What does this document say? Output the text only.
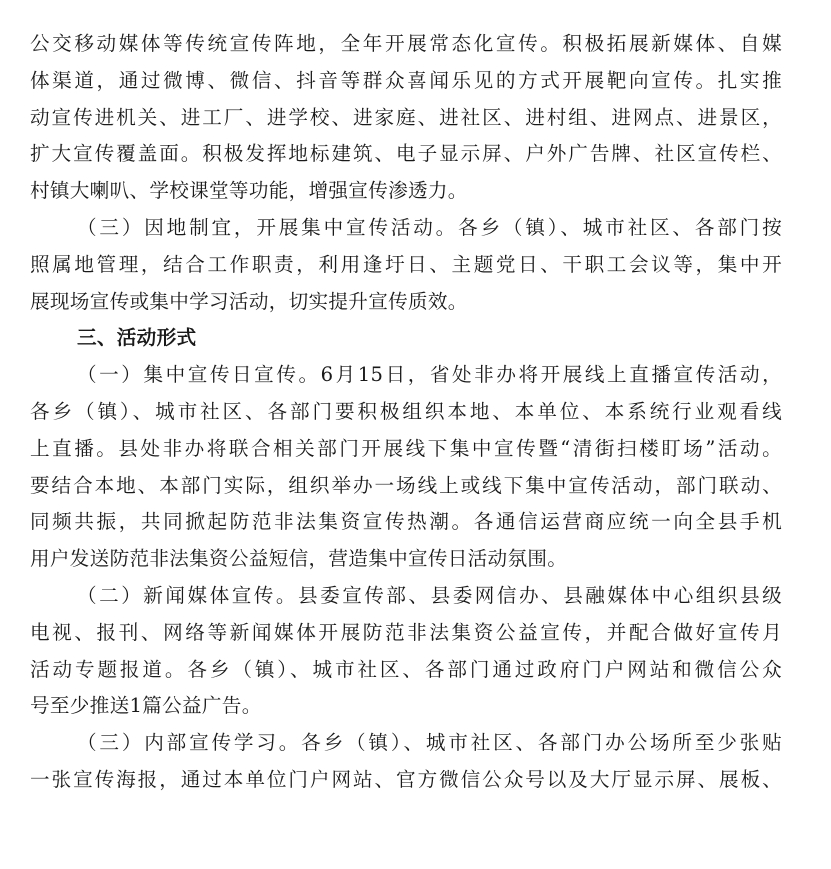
公交移动媒体等传统宣传阵地，全年开展常态化宣传。积极拓展新媒体、自媒
体渠道，通过微博、微信、抖音等群众喜闻乐见的方式开展靶向宣传。扎实推
动宣传进机关、进工厂、进学校、进家庭、进社区、进村组、进网点、进景区，
扩大宣传覆盖面。积极发挥地标建筑、电子显示屏、户外广告牌、社区宣传栏、
村镇大喇叭、学校课堂等功能，增强宣传渗透力。
（三）因地制宜，开展集中宣传活动。各乡（镇）、城市社区、各部门按
照属地管理，结合工作职责，利用逢圩日、主题党日、干职工会议等，集中开
展现场宣传或集中学习活动，切实提升宣传质效。
三、活动形式
（一）集中宣传日宣传。6月15日，省处非办将开展线上直播宣传活动，
各乡（镇）、城市社区、各部门要积极组织本地、本单位、本系统行业观看线
上直播。县处非办将联合相关部门开展线下集中宣传暨“清街扫楼盯场”活动。
要结合本地、本部门实际，组织举办一场线上或线下集中宣传活动，部门联动、
同频共振，共同掀起防范非法集资宣传热潮。各通信运营商应统一向全县手机
用户发送防范非法集资公益短信，营造集中宣传日活动氛围。
（二）新闻媒体宣传。县委宣传部、县委网信办、县融媒体中心组织县级
电视、报刊、网络等新闻媒体开展防范非法集资公益宣传，并配合做好宣传月
活动专题报道。各乡（镇）、城市社区、各部门通过政府门户网站和微信公众
号至少推送1篇公益广告。
（三）内部宣传学习。各乡（镇）、城市社区、各部门办公场所至少张贴
一张宣传海报，通过本单位门户网站、官方微信公众号以及大厅显示屏、展板、
